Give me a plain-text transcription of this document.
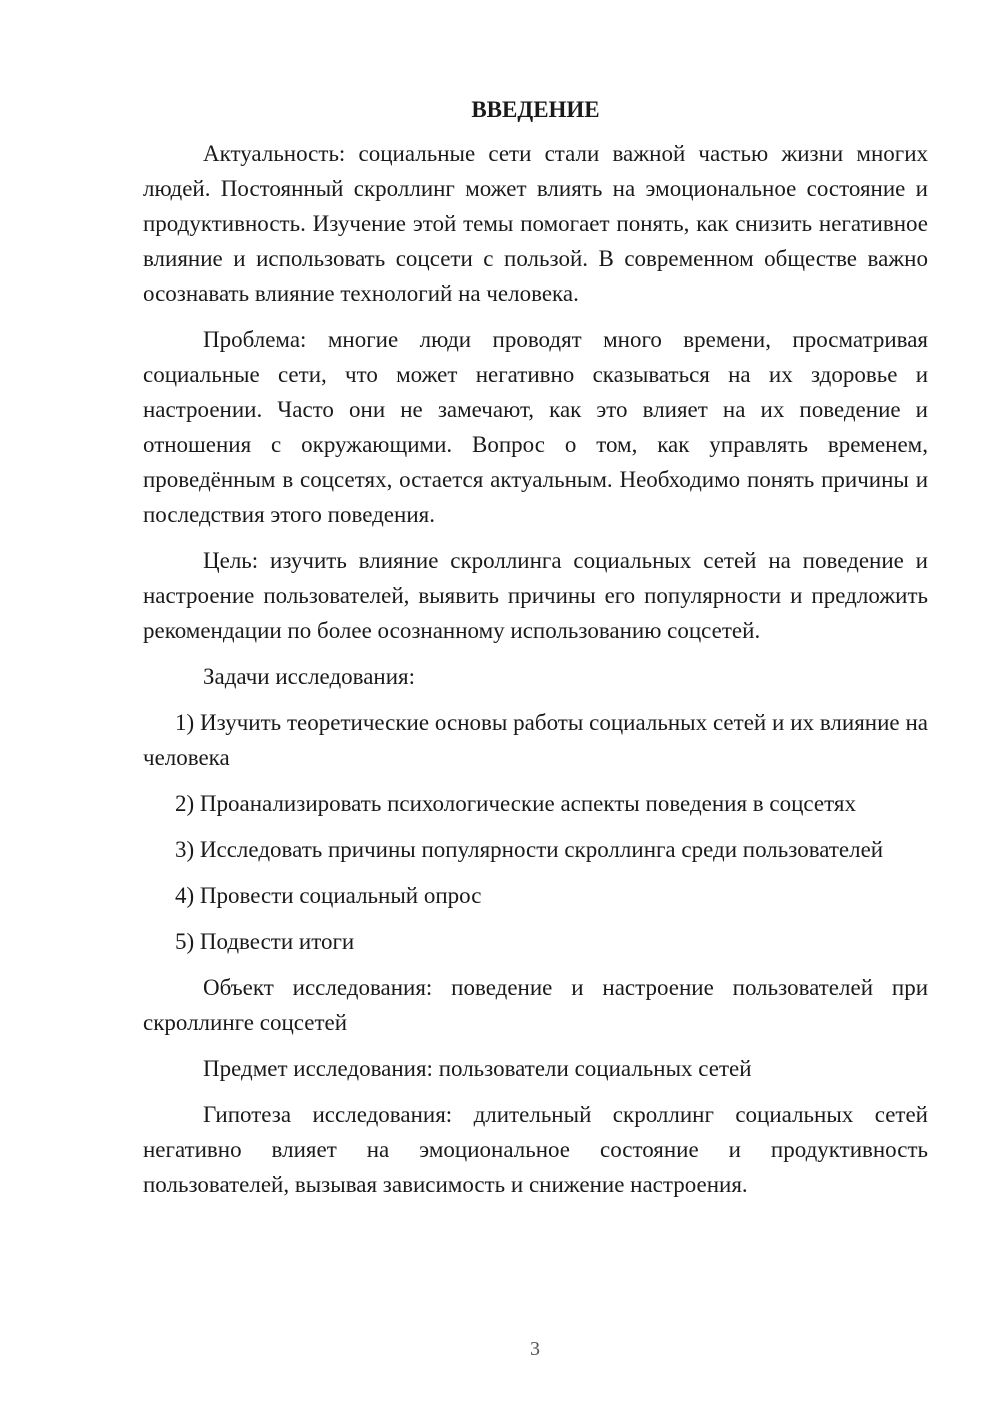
ВВЕДЕНИЕ

Актуальность: социальные сети стали важной частью жизни многих людей. Постоянный скроллинг может влиять на эмоциональное состояние и продуктивность. Изучение этой темы помогает понять, как снизить негативное влияние и использовать соцсети с пользой. В современном обществе важно осознавать влияние технологий на человека.

Проблема: многие люди проводят много времени, просматривая социальные сети, что может негативно сказываться на их здоровье и настроении. Часто они не замечают, как это влияет на их поведение и отношения с окружающими. Вопрос о том, как управлять временем, проведённым в соцсетях, остается актуальным. Необходимо понять причины и последствия этого поведения.

Цель: изучить влияние скроллинга социальных сетей на поведение и настроение пользователей, выявить причины его популярности и предложить рекомендации по более осознанному использованию соцсетей.

Задачи исследования:

1) Изучить теоретические основы работы социальных сетей и их влияние на человека

2) Проанализировать психологические аспекты поведения в соцсетях

3) Исследовать причины популярности скроллинга среди пользователей

4) Провести социальный опрос

5) Подвести итоги

Объект исследования: поведение и настроение пользователей при скроллинге соцсетей

Предмет исследования: пользователи социальных сетей

Гипотеза исследования: длительный скроллинг социальных сетей негативно влияет на эмоциональное состояние и продуктивность пользователей, вызывая зависимость и снижение настроения.

3
